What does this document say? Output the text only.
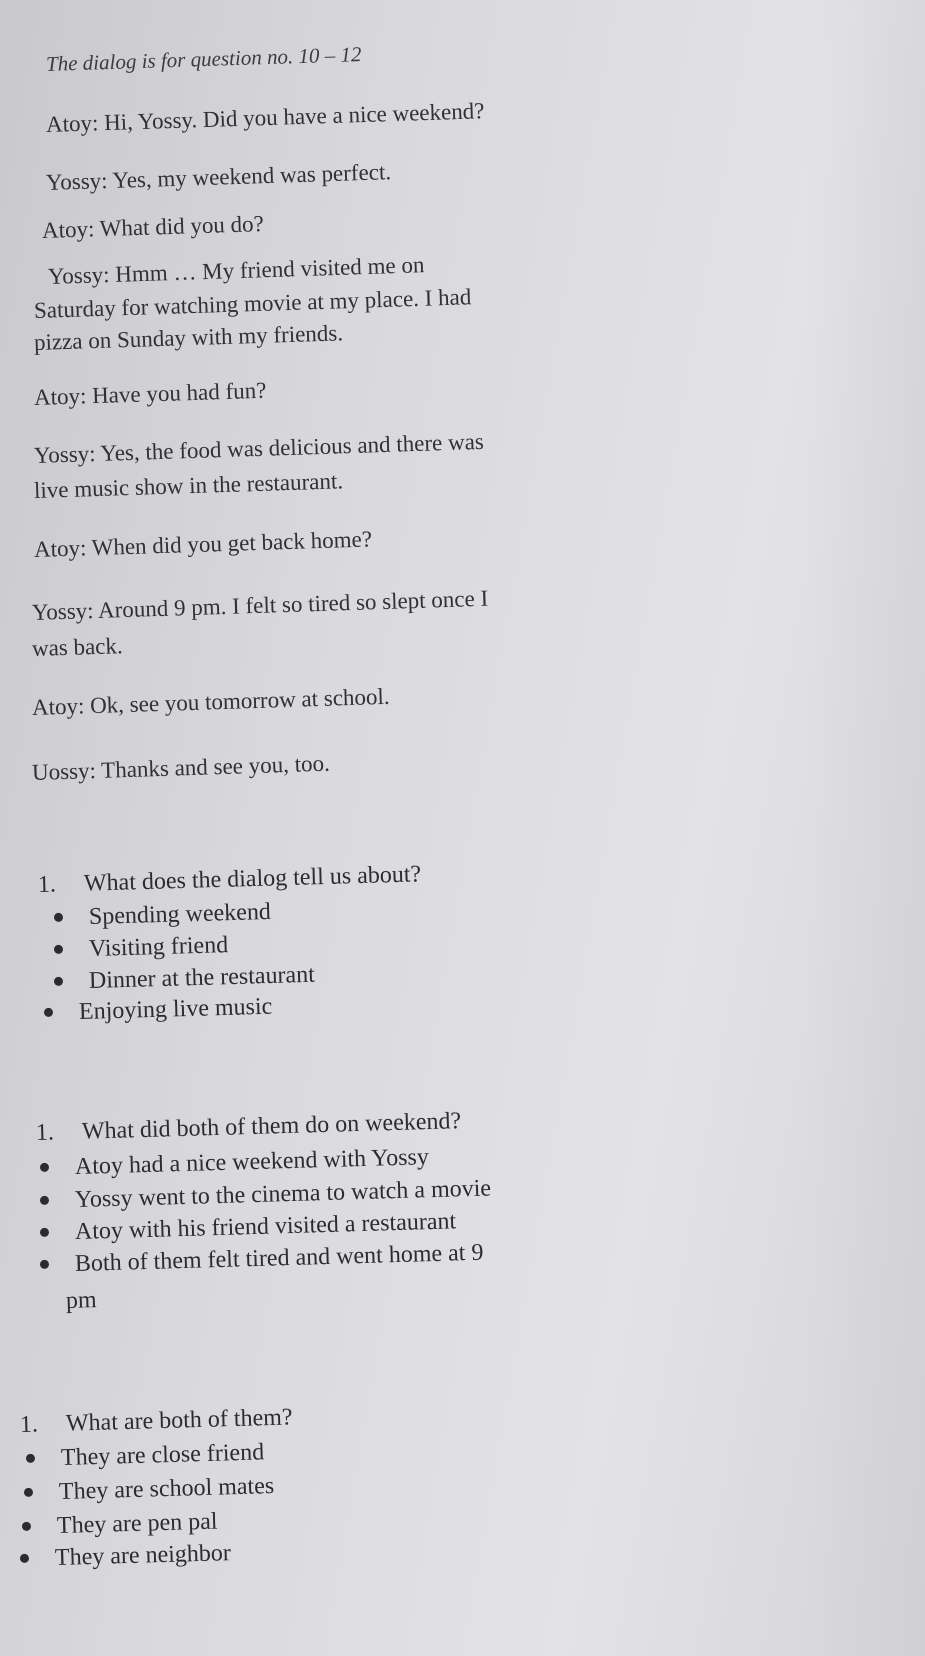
The dialog is for question no. 10 – 12
Atoy: Hi, Yossy. Did you have a nice weekend?
Yossy: Yes, my weekend was perfect.
Atoy: What did you do?
Yossy: Hmm … My friend visited me on
Saturday for watching movie at my place. I had
pizza on Sunday with my friends.
Atoy: Have you had fun?
Yossy: Yes, the food was delicious and there was
live music show in the restaurant.
Atoy: When did you get back home?
Yossy: Around 9 pm. I felt so tired so slept once I
was back.
Atoy: Ok, see you tomorrow at school.
Uossy: Thanks and see you, too.
1. What does the dialog tell us about?
Spending weekend
Visiting friend
Dinner at the restaurant
Enjoying live music
1. What did both of them do on weekend?
Atoy had a nice weekend with Yossy
Yossy went to the cinema to watch a movie
Atoy with his friend visited a restaurant
Both of them felt tired and went home at 9
pm
1. What are both of them?
They are close friend
They are school mates
They are pen pal
They are neighbor
